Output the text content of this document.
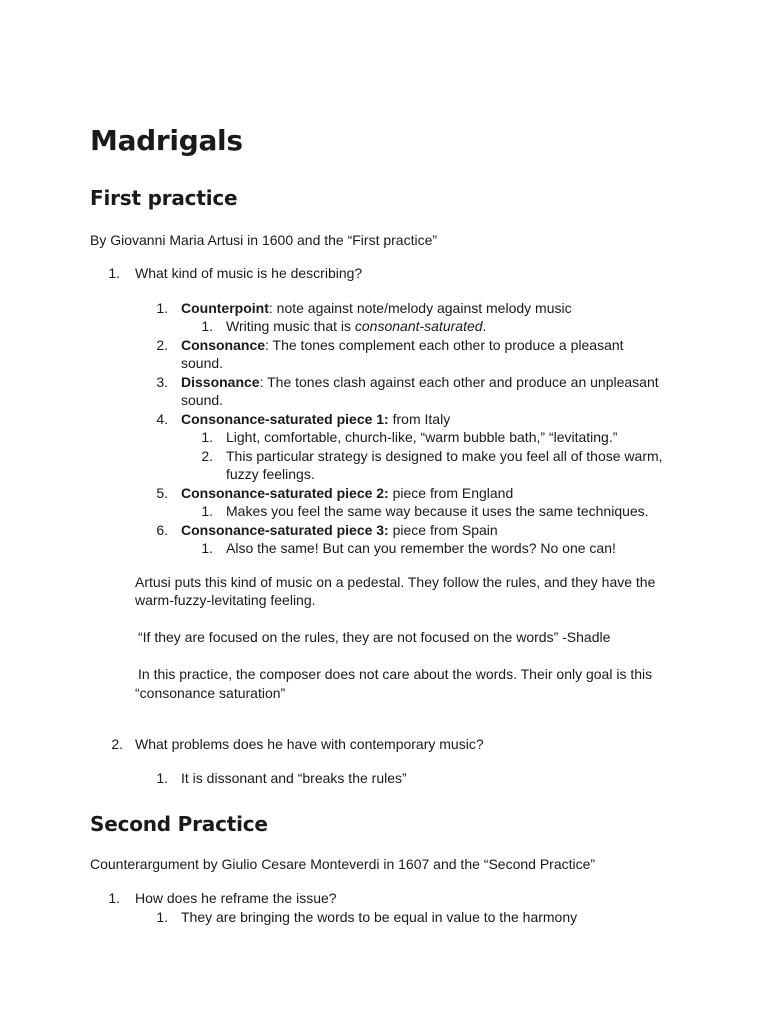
Madrigals
First practice
By Giovanni Maria Artusi in 1600 and the “First practice”
1. What kind of music is he describing?
1. Counterpoint: note against note/melody against melody music
1. Writing music that is consonant-saturated.
2. Consonance: The tones complement each other to produce a pleasant
sound.
3. Dissonance: The tones clash against each other and produce an unpleasant
sound.
4. Consonance-saturated piece 1: from Italy
1. Light, comfortable, church-like, “warm bubble bath,” “levitating.”
2. This particular strategy is designed to make you feel all of those warm,
fuzzy feelings.
5. Consonance-saturated piece 2: piece from England
1. Makes you feel the same way because it uses the same techniques.
6. Consonance-saturated piece 3: piece from Spain
1. Also the same! But can you remember the words? No one can!
Artusi puts this kind of music on a pedestal. They follow the rules, and they have the
warm-fuzzy-levitating feeling.
“If they are focused on the rules, they are not focused on the words” -Shadle
In this practice, the composer does not care about the words. Their only goal is this
“consonance saturation”
2. What problems does he have with contemporary music?
1. It is dissonant and “breaks the rules”
Second Practice
Counterargument by Giulio Cesare Monteverdi in 1607 and the “Second Practice”
1. How does he reframe the issue?
1. They are bringing the words to be equal in value to the harmony
